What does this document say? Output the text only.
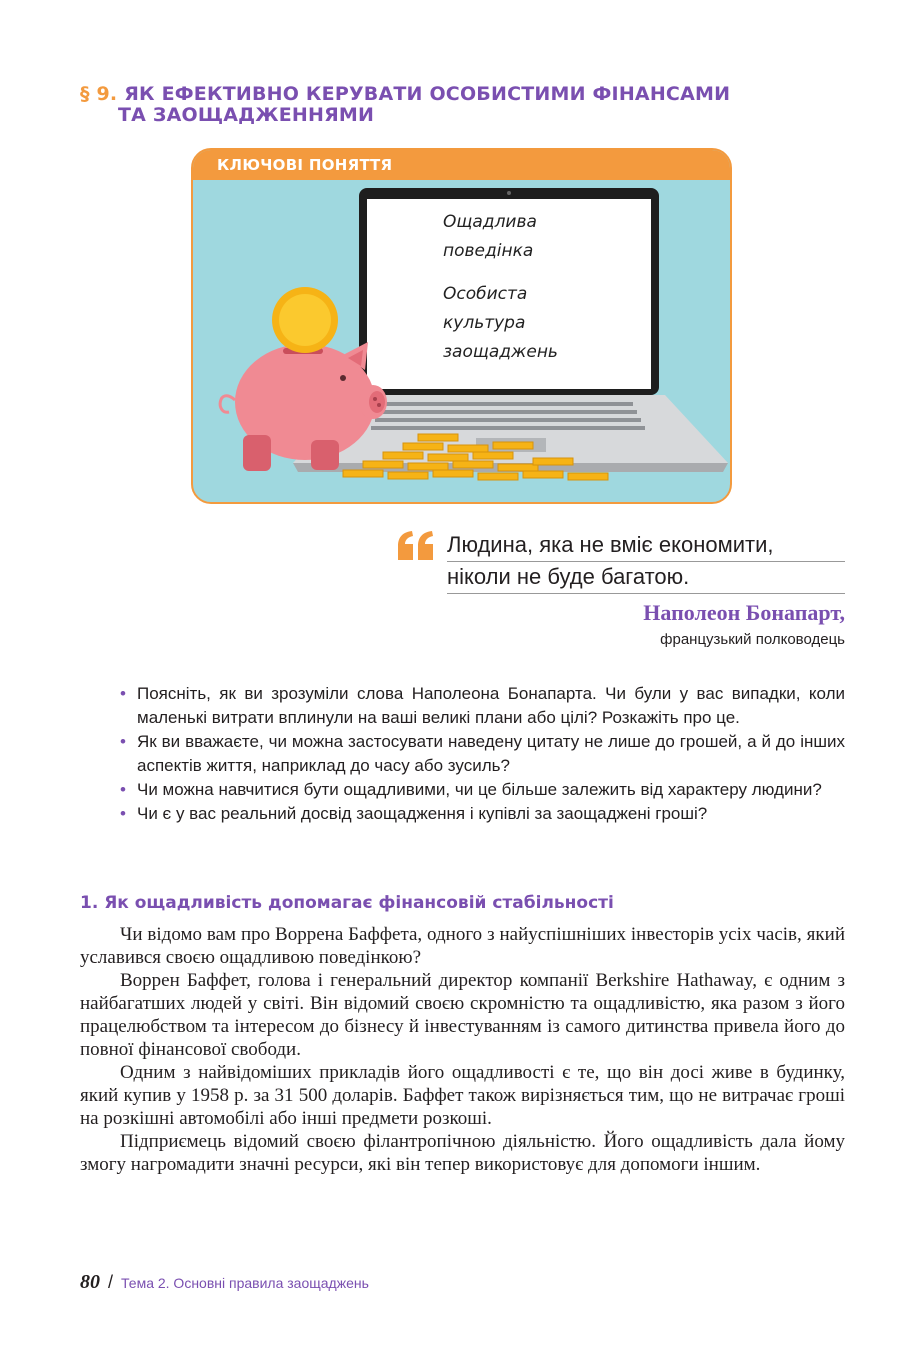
§ 9. ЯК ЕФЕКТИВНО КЕРУВАТИ ОСОБИСТИМИ ФІНАНСАМИ
ТА ЗАОЩАДЖЕННЯМИ
КЛЮЧОВІ ПОНЯТТЯ
Ощадлива
поведінка
Особиста
культура
заощаджень
Людина, яка не вміє економити,
ніколи не буде багатою.
Наполеон Бонапарт,
французький полководець
• Поясніть, як ви зрозуміли слова Наполеона Бонапарта. Чи були у вас випадки, коли маленькі витрати вплинули на ваші великі плани або цілі? Розкажіть про це.
• Як ви вважаєте, чи можна застосувати наведену цитату не лише до грошей, а й до інших аспектів життя, наприклад до часу або зусиль?
• Чи можна навчитися бути ощадливими, чи це більше залежить від характеру людини?
• Чи є у вас реальний досвід заощадження і купівлі за заощаджені гроші?
1. Як ощадливість допомагає фінансовій стабільності

Чи відомо вам про Воррена Баффета, одного з найуспішніших інвесторів усіх часів, який уславився своєю ощадливою поведінкою?

Воррен Баффет, голова і генеральний директор компанії Berkshire Hathaway, є одним з найбагатших людей у світі. Він відомий своєю скромністю та ощадливістю, яка разом з його працелюбством та інтересом до бізнесу й інвестуванням із самого дитинства привела його до повної фінансової свободи.

Одним з найвідоміших прикладів його ощадливості є те, що він досі живе в будинку, який купив у 1958 р. за 31 500 доларів. Баффет також вирізняється тим, що не витрачає гроші на розкішні автомобілі або інші предмети розкоші.

Підприємець відомий своєю філантропічною діяльністю. Його ощадливість дала йому змогу нагромадити значні ресурси, які він тепер використовує для допомоги іншим.

80 / Тема 2. Основні правила заощаджень
